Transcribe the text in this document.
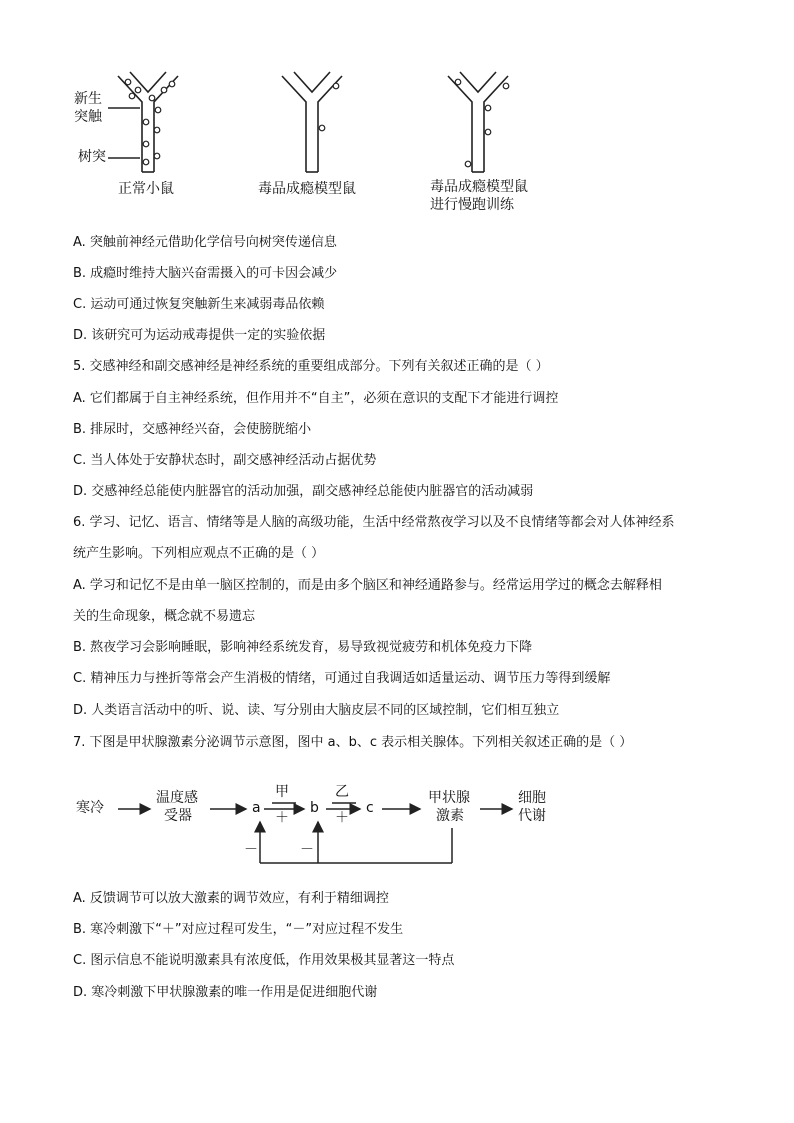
新生
突触
树突
正常小鼠	毒品成瘾模型鼠	毒品成瘾模型鼠
进行慢跑训练
A. 突触前神经元借助化学信号向树突传递信息
B. 成瘾时维持大脑兴奋需摄入的可卡因会减少
C. 运动可通过恢复突触新生来减弱毒品依赖
D. 该研究可为运动戒毒提供一定的实验依据
5. 交感神经和副交感神经是神经系统的重要组成部分。下列有关叙述正确的是（ ）
A. 它们都属于自主神经系统，但作用并不“自主”，必须在意识的支配下才能进行调控
B. 排尿时，交感神经兴奋，会使膀胱缩小
C. 当人体处于安静状态时，副交感神经活动占据优势
D. 交感神经总能使内脏器官的活动加强，副交感神经总能使内脏器官的活动减弱
6. 学习、记忆、语言、情绪等是人脑的高级功能，生活中经常熬夜学习以及不良情绪等都会对人体神经系
统产生影响。下列相应观点不正确的是（ ）
A. 学习和记忆不是由单一脑区控制的，而是由多个脑区和神经通路参与。经常运用学过的概念去解释相
关的生命现象，概念就不易遗忘
B. 熬夜学习会影响睡眠，影响神经系统发育，易导致视觉疲劳和机体免疫力下降
C. 精神压力与挫折等常会产生消极的情绪，可通过自我调适如适量运动、调节压力等得到缓解
D. 人类语言活动中的听、说、读、写分别由大脑皮层不同的区域控制，它们相互独立
7. 下图是甲状腺激素分泌调节示意图，图中 a、b、c 表示相关腺体。下列相关叙述正确的是（ ）
寒冷
温度感
受器	a
甲
＋
b
乙
＋
c
甲状腺
激素
细胞
代谢
－	－
A. 反馈调节可以放大激素的调节效应，有利于精细调控
B. 寒冷刺激下“＋”对应过程可发生，“－”对应过程不发生
C. 图示信息不能说明激素具有浓度低，作用效果极其显著这一特点
D. 寒冷刺激下甲状腺激素的唯一作用是促进细胞代谢
